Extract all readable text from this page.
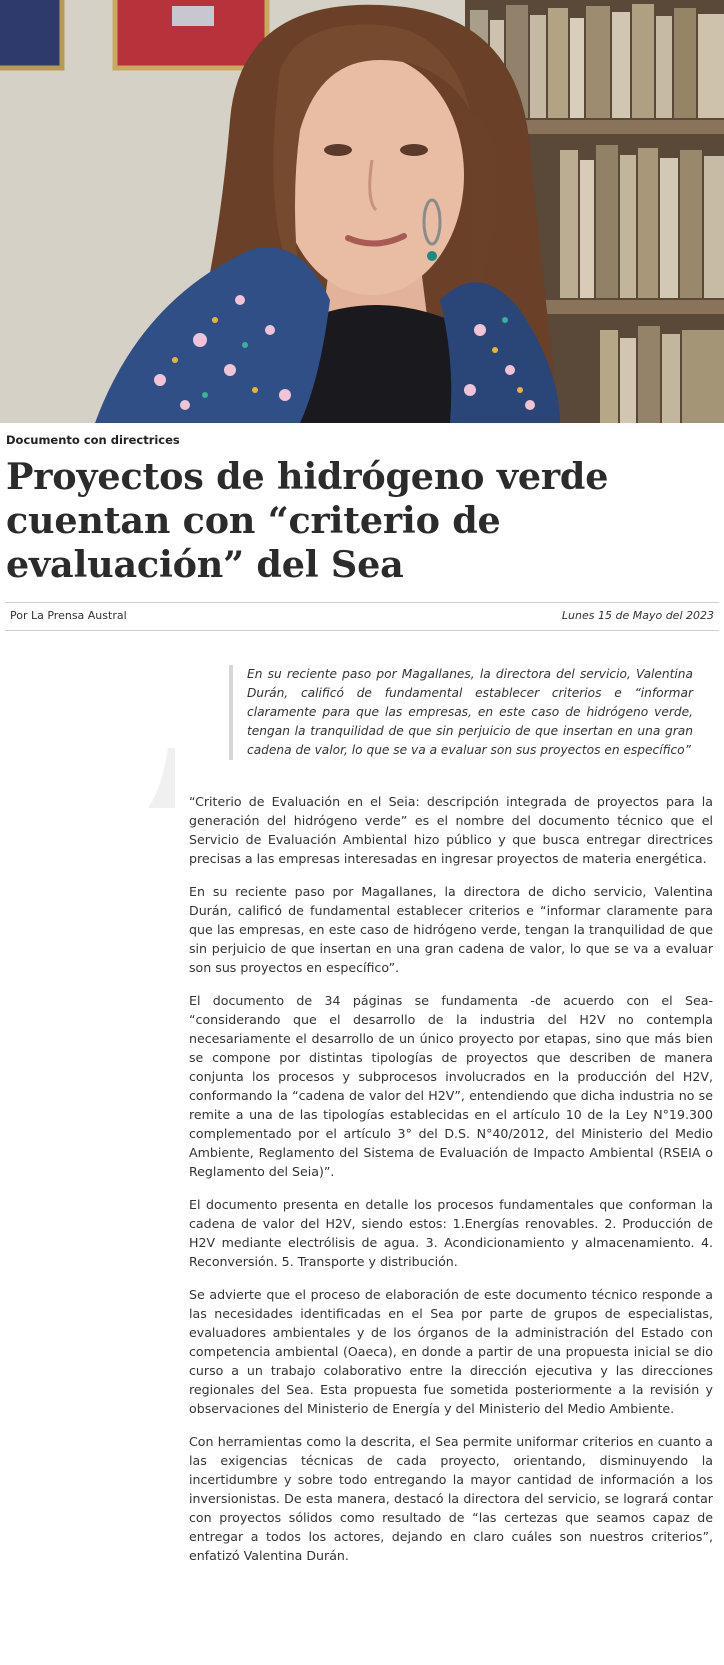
Documento con directrices
Proyectos de hidrógeno verde cuentan con “criterio de evaluación” del Sea
Por La Prensa Austral	Lunes 15 de Mayo del 2023
En su reciente paso por Magallanes, la directora del servicio, Valentina Durán, calificó de fundamental establecer criterios e “informar claramente para que las empresas, en este caso de hidrógeno verde, tengan la tranquilidad de que sin perjuicio de que insertan en una gran cadena de valor, lo que se va a evaluar son sus proyectos en específico”

“Criterio de Evaluación en el Seia: descripción integrada de proyectos para la generación del hidrógeno verde” es el nombre del documento técnico que el Servicio de Evaluación Ambiental hizo público y que busca entregar directrices precisas a las empresas interesadas en ingresar proyectos de materia energética.

En su reciente paso por Magallanes, la directora de dicho servicio, Valentina Durán, calificó de fundamental establecer criterios e “informar claramente para que las empresas, en este caso de hidrógeno verde, tengan la tranquilidad de que sin perjuicio de que insertan en una gran cadena de valor, lo que se va a evaluar son sus proyectos en específico”.

El documento de 34 páginas se fundamenta -de acuerdo con el Sea- “considerando que el desarrollo de la industria del H2V no contempla necesariamente el desarrollo de un único proyecto por etapas, sino que más bien se compone por distintas tipologías de proyectos que describen de manera conjunta los procesos y subprocesos involucrados en la producción del H2V, conformando la “cadena de valor del H2V”, entendiendo que dicha industria no se remite a una de las tipologías establecidas en el artículo 10 de la Ley N°19.300 complementado por el artículo 3° del D.S. N°40/2012, del Ministerio del Medio Ambiente, Reglamento del Sistema de Evaluación de Impacto Ambiental (RSEIA o Reglamento del Seia)”.

El documento presenta en detalle los procesos fundamentales que conforman la cadena de valor del H2V, siendo estos: 1.Energías renovables. 2. Producción de H2V mediante electrólisis de agua. 3. Acondicionamiento y almacenamiento. 4. Reconversión. 5. Transporte y distribución.

Se advierte que el proceso de elaboración de este documento técnico responde a las necesidades identificadas en el Sea por parte de grupos de especialistas, evaluadores ambientales y de los órganos de la administración del Estado con competencia ambiental (Oaeca), en donde a partir de una propuesta inicial se dio curso a un trabajo colaborativo entre la dirección ejecutiva y las direcciones regionales del Sea. Esta propuesta fue sometida posteriormente a la revisión y observaciones del Ministerio de Energía y del Ministerio del Medio Ambiente.

Con herramientas como la descrita, el Sea permite uniformar criterios en cuanto a las exigencias técnicas de cada proyecto, orientando, disminuyendo la incertidumbre y sobre todo entregando la mayor cantidad de información a los inversionistas. De esta manera, destacó la directora del servicio, se logrará contar con proyectos sólidos como resultado de “las certezas que seamos capaz de entregar a todos los actores, dejando en claro cuáles son nuestros criterios”, enfatizó Valentina Durán.
